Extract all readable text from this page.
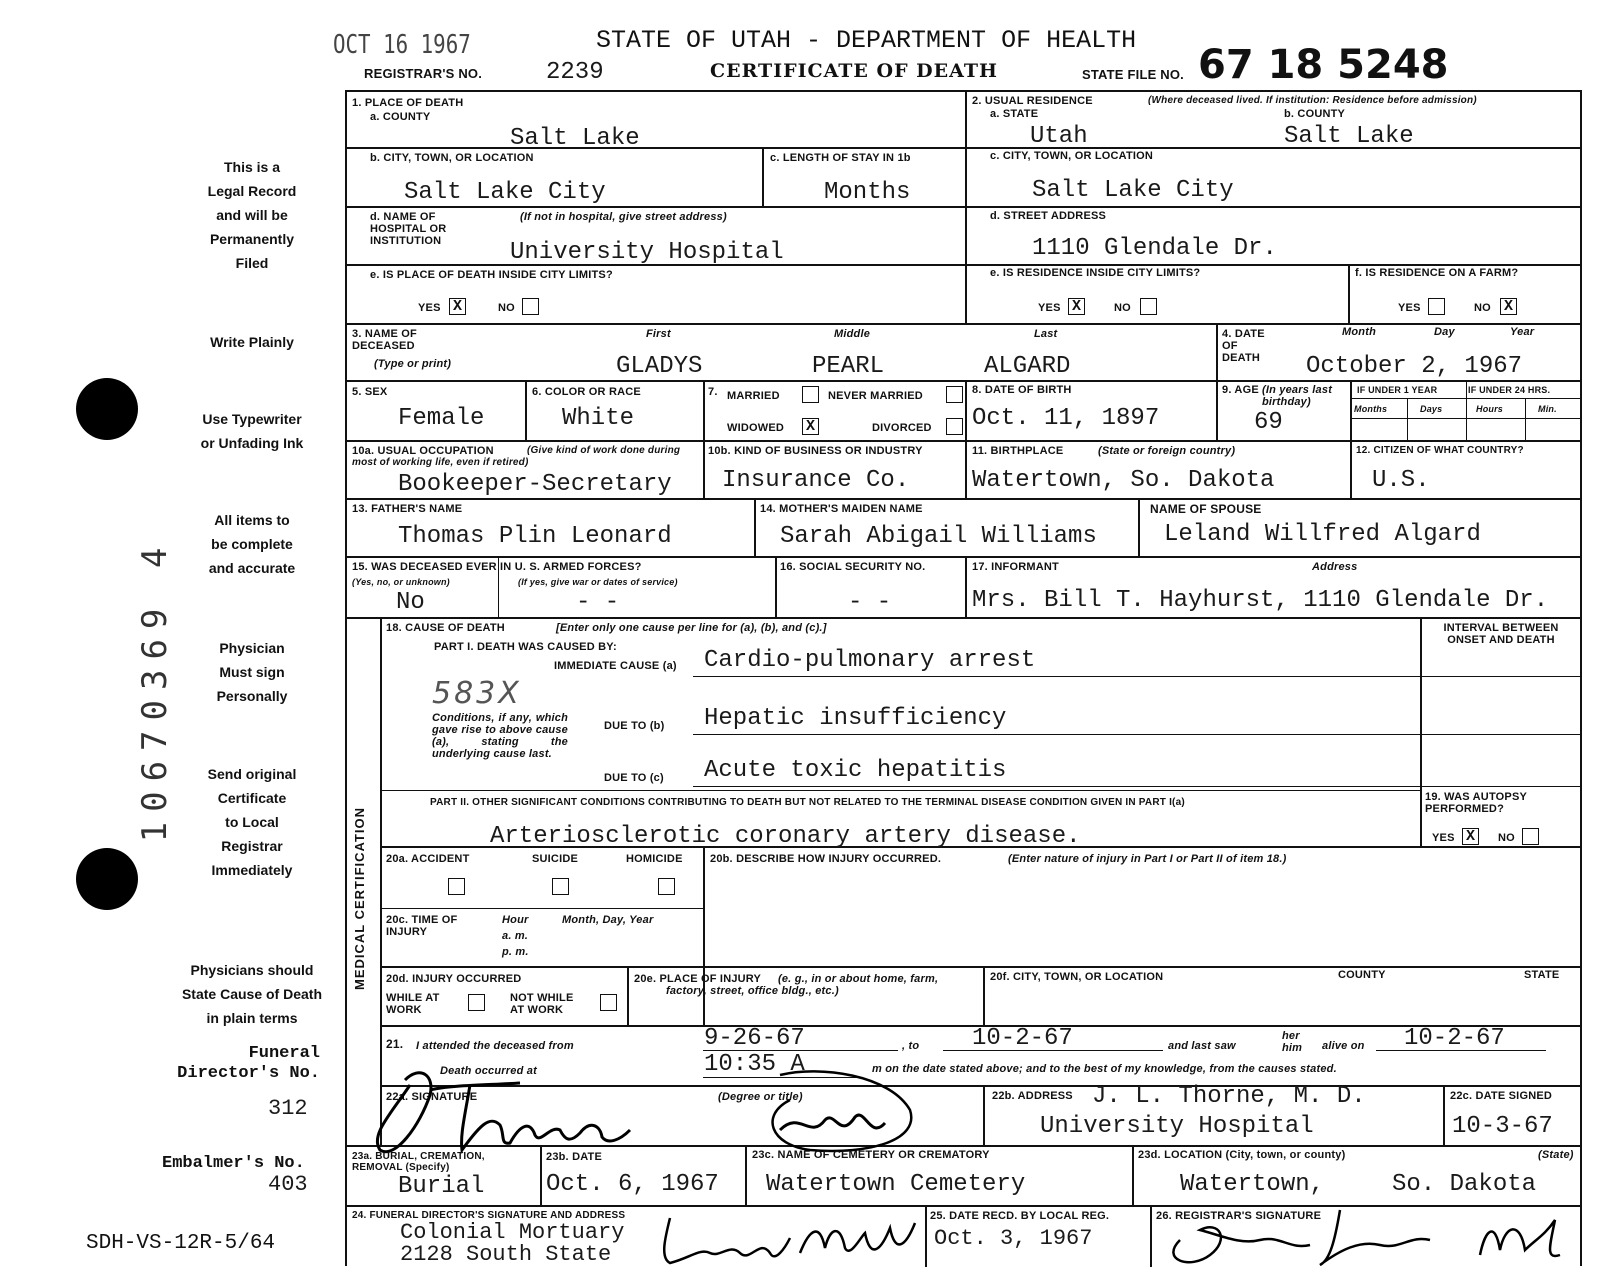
10670369 4
OCT 16 1967	STATE OF UTAH - DEPARTMENT OF HEALTH
REGISTRAR'S NO.	2239	CERTIFICATE OF DEATH	STATE FILE NO. 67 18 5248
This is a
Legal Record
and will be
Permanently
Filed
Write Plainly
Use Typewriter
or Unfading Ink
All items to
be complete
and accurate
Physician
Must sign
Personally
Send original
Certificate
to Local
Registrar
Immediately
Physicians should
State Cause of Death
in plain terms
Funeral
Director's No.
312
Embalmer's No.
403
SDH-VS-12R-5/64
1. PLACE OF DEATH
a. COUNTY
Salt Lake
b. CITY, TOWN, OR LOCATION
Salt Lake City
c. LENGTH OF STAY IN 1b
Months
d. NAME OF HOSPITAL OR INSTITUTION
(If not in hospital, give street address)
University Hospital
e. IS PLACE OF DEATH INSIDE CITY LIMITS?
YES X	NO
2. USUAL RESIDENCE	(Where deceased lived. If institution: Residence before admission)
a. STATE	b. COUNTY
Utah	Salt Lake
c. CITY, TOWN, OR LOCATION
Salt Lake City
d. STREET ADDRESS
1110 Glendale Dr.
e. IS RESIDENCE INSIDE CITY LIMITS?
YES X	NO
f. IS RESIDENCE ON A FARM?
YES	NO X
3. NAME OF DECEASED
(Type or print)
First	Middle	Last
GLADYS	PEARL	ALGARD
4. DATE OF DEATH
Month	Day	Year
October 2, 1967
5. SEX
Female
6. COLOR OR RACE
White
7. MARRIED	NEVER MARRIED
WIDOWED X	DIVORCED
8. DATE OF BIRTH
Oct. 11, 1897
9. AGE (In years last birthday)
69
IF UNDER 1 YEAR	IF UNDER 24 HRS.
Months	Days	Hours	Min.
10a. USUAL OCCUPATION	(Give kind of work done during most of working life, even if retired)
Bookeeper-Secretary
10b. KIND OF BUSINESS OR INDUSTRY
Insurance Co.
11. BIRTHPLACE	(State or foreign country)
Watertown, So. Dakota
12. CITIZEN OF WHAT COUNTRY?
U.S.
13. FATHER'S NAME
Thomas Plin Leonard
14. MOTHER'S MAIDEN NAME
Sarah Abigail Williams
NAME OF SPOUSE
Leland Willfred Algard
15. WAS DECEASED EVER IN U. S. ARMED FORCES?
(Yes, no, or unknown)	(If yes, give war or dates of service)
No	- -
16. SOCIAL SECURITY NO.
- -
17. INFORMANT	Address
Mrs. Bill T. Hayhurst, 1110 Glendale Dr.
MEDICAL CERTIFICATION
18. CAUSE OF DEATH	[Enter only one cause per line for (a), (b), and (c).]
PART I. DEATH WAS CAUSED BY:
IMMEDIATE CAUSE (a) Cardio-pulmonary arrest
583X
Conditions, if any, which gave rise to above cause (a), stating the underlying cause last.
DUE TO (b) Hepatic insufficiency
DUE TO (c) Acute toxic hepatitis
INTERVAL BETWEEN ONSET AND DEATH
PART II. OTHER SIGNIFICANT CONDITIONS CONTRIBUTING TO DEATH BUT NOT RELATED TO THE TERMINAL DISEASE CONDITION GIVEN IN PART I(a)
Arteriosclerotic coronary artery disease.
19. WAS AUTOPSY PERFORMED?
YES X	NO
20a. ACCIDENT	SUICIDE	HOMICIDE 20b. DESCRIBE HOW INJURY OCCURRED.	(Enter nature of injury in Part I or Part II of item 18.)
20c. TIME OF INJURY
Hour
a. m.
p. m.
Month, Day, Year
20d. INJURY OCCURRED
WHILE AT WORK
NOT WHILE AT WORK
20e. PLACE OF INJURY	(e. g., in or about home, farm, factory, street, office bldg., etc.)
20f. CITY, TOWN, OR LOCATION	COUNTY	STATE
21. I attended the deceased from	9-26-67	, to 10-2-67	and last saw
her him	alive on 10-2-67
Death occurred at	10:35 A	m on the date stated above; and to the best of my knowledge, from the causes stated.
22a. SIGNATURE	(Degree or title)	22b. ADDRESS J. L. Thorne, M. D.
University Hospital
22c. DATE SIGNED
10-3-67
23a. BURIAL, CREMATION, REMOVAL (Specify)
Burial
23b. DATE
Oct. 6, 1967
23c. NAME OF CEMETERY OR CREMATORY
Watertown Cemetery
23d. LOCATION (City, town, or county)	(State)
Watertown,	So. Dakota
24. FUNERAL DIRECTOR'S SIGNATURE AND ADDRESS
Colonial Mortuary
2128 South State
25. DATE RECD. BY LOCAL REG.
Oct. 3, 1967
26. REGISTRAR'S SIGNATURE
